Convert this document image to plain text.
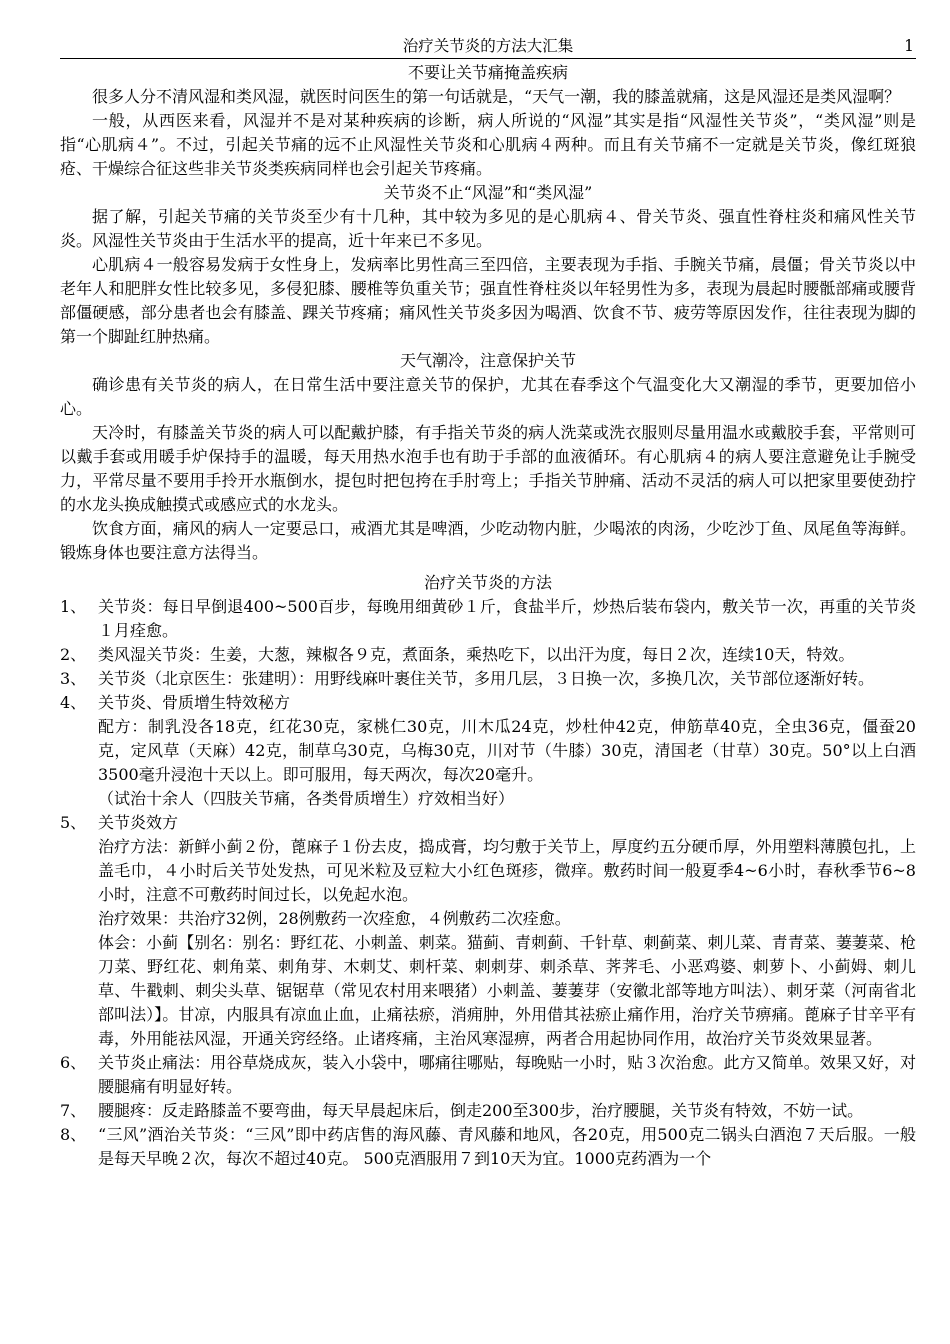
治疗关节炎的方法大汇集	1
不要让关节痛掩盖疾病

很多人分不清风湿和类风湿，就医时问医生的第一句话就是，“天气一潮，我的膝盖就痛，这是风湿还是类风湿啊？

一般，从西医来看，风湿并不是对某种疾病的诊断，病人所说的“风湿”其实是指“风湿性关节炎”，“类风湿”则是指“心肌病４”。不过，引起关节痛的远不止风湿性关节炎和心肌病４两种。而且有关节痛不一定就是关节炎，像红斑狼疮、干燥综合征这些非关节炎类疾病同样也会引起关节疼痛。

关节炎不止“风湿”和“类风湿”

据了解，引起关节痛的关节炎至少有十几种，其中较为多见的是心肌病４、骨关节炎、强直性脊柱炎和痛风性关节炎。风湿性关节炎由于生活水平的提高，近十年来已不多见。

心肌病４一般容易发病于女性身上，发病率比男性高三至四倍，主要表现为手指、手腕关节痛，晨僵；骨关节炎以中老年人和肥胖女性比较多见，多侵犯膝、腰椎等负重关节；强直性脊柱炎以年轻男性为多，表现为晨起时腰骶部痛或腰背部僵硬感，部分患者也会有膝盖、踝关节疼痛；痛风性关节炎多因为喝酒、饮食不节、疲劳等原因发作，往往表现为脚的第一个脚趾红肿热痛。

天气潮冷，注意保护关节

确诊患有关节炎的病人，在日常生活中要注意关节的保护，尤其在春季这个气温变化大又潮湿的季节，更要加倍小心。

天冷时，有膝盖关节炎的病人可以配戴护膝，有手指关节炎的病人洗菜或洗衣服则尽量用温水或戴胶手套，平常则可以戴手套或用暖手炉保持手的温暖，每天用热水泡手也有助于手部的血液循环。有心肌病４的病人要注意避免让手腕受力，平常尽量不要用手拎开水瓶倒水，提包时把包挎在手肘弯上；手指关节肿痛、活动不灵活的病人可以把家里要使劲拧的水龙头换成触摸式或感应式的水龙头。

饮食方面，痛风的病人一定要忌口，戒酒尤其是啤酒，少吃动物内脏，少喝浓的肉汤，少吃沙丁鱼、凤尾鱼等海鲜。锻炼身体也要注意方法得当。

治疗关节炎的方法
1、 关节炎：每日早倒退400~500百步，每晚用细黄砂１斤，食盐半斤，炒热后装布袋内，敷关节一次，再重的关节炎１月痊愈。

2、 类风湿关节炎：生姜，大葱，辣椒各９克，煮面条，乘热吃下，以出汗为度，每日２次，连续10天，特效。

3、 关节炎（北京医生：张建明）：用野线麻叶裹住关节，多用几层，３日换一次，多换几次，关节部位逐渐好转。

4、 关节炎、骨质增生特效秘方

配方：制乳没各18克，红花30克，家桃仁30克，川木瓜24克，炒杜仲42克，伸筋草40克，全虫36克，僵蚕20克，定风草（天麻）42克，制草乌30克，乌梅30克，川对节（牛膝）30克，清国老（甘草）30克。50°以上白酒3500毫升浸泡十天以上。即可服用，每天两次，每次20毫升。

（试治十余人（四肢关节痛，各类骨质增生）疗效相当好）

5、 关节炎效方

治疗方法：新鲜小蓟２份，蓖麻子１份去皮，捣成膏，均匀敷于关节上，厚度约五分硬币厚，外用塑料薄膜包扎，上盖毛巾，４小时后关节处发热，可见米粒及豆粒大小红色斑疹，微痒。敷药时间一般夏季4~6小时，春秋季节6~8小时，注意不可敷药时间过长，以免起水泡。

治疗效果：共治疗32例，28例敷药一次痊愈，４例敷药二次痊愈。

体会：小蓟【别名：别名：野红花、小刺盖、刺菜。猫蓟、青刺蓟、千针草、刺蓟菜、刺儿菜、青青菜、萋萋菜、枪刀菜、野红花、刺角菜、刺角芽、木刺艾、刺杆菜、刺刺芽、刺杀草、荠荠毛、小恶鸡婆、刺萝卜、小蓟姆、刺儿草、牛戳刺、刺尖头草、锯锯草（常见农村用来喂猪）小刺盖、萋萋芽（安徽北部等地方叫法）、刺牙菜（河南省北部叫法）】。甘凉，内服具有凉血止血，止痛祛瘀，消痈肿，外用借其祛瘀止痛作用，治疗关节痹痛。蓖麻子甘辛平有毒，外用能祛风湿，开通关窍经络。止诸疼痛，主治风寒湿痹，两者合用起协同作用，故治疗关节炎效果显著。

6、 关节炎止痛法：用谷草烧成灰，装入小袋中，哪痛往哪贴，每晚贴一小时，贴３次治愈。此方又简单。效果又好，对腰腿痛有明显好转。

7、 腰腿疼：反走路膝盖不要弯曲，每天早晨起床后，倒走200至300步，治疗腰腿，关节炎有特效，不妨一试。

8、 “三风”酒治关节炎：“三风”即中药店售的海风藤、青风藤和地风，各20克，用500克二锅头白酒泡７天后服。一般是每天早晚２次，每次不超过40克。 500克酒服用７到10天为宜。1000克药酒为一个
